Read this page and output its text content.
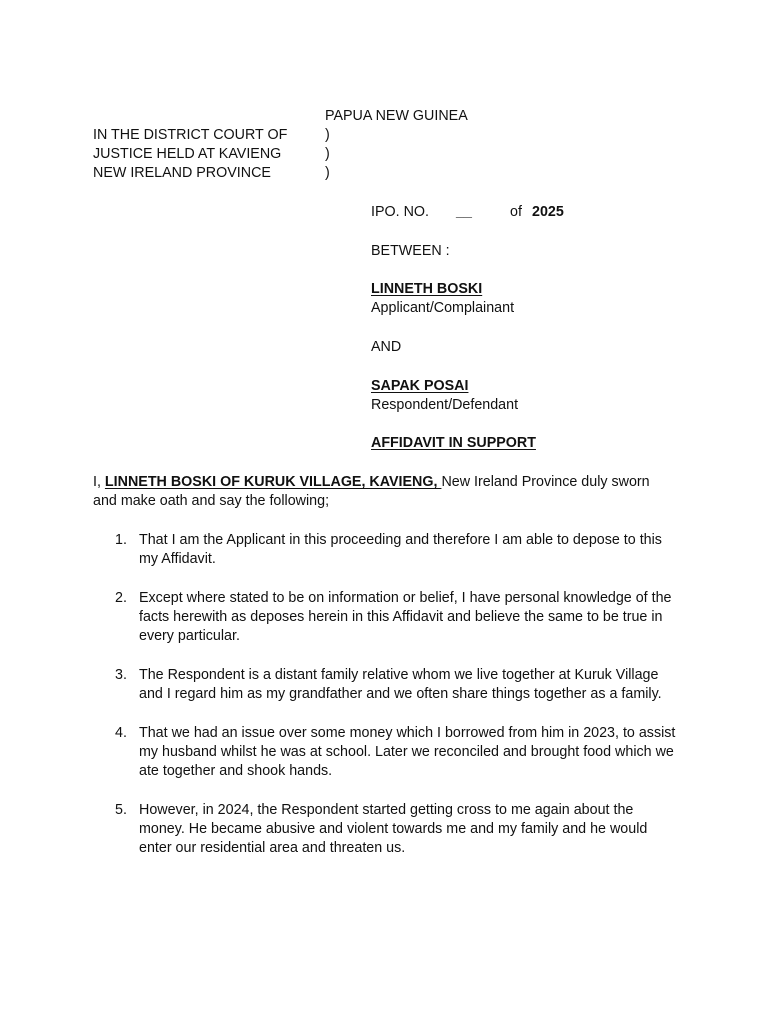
PAPUA NEW GUINEA
IN THE DISTRICT COURT OF
JUSTICE HELD AT KAVIENG
NEW IRELAND PROVINCE
)
)
)
IPO. NO. __	of 2025
BETWEEN :
LINNETH BOSKI
Applicant/Complainant
AND
SAPAK POSAI
Respondent/Defendant
AFFIDAVIT IN SUPPORT
I, LINNETH BOSKI OF KURUK VILLAGE, KAVIENG, New Ireland Province duly sworn and make oath and say the following;
1. That I am the Applicant in this proceeding and therefore I am able to depose to this my Affidavit.
2. Except where stated to be on information or belief, I have personal knowledge of the facts herewith as deposes herein in this Affidavit and believe the same to be true in every particular.
3. The Respondent is a distant family relative whom we live together at Kuruk Village and I regard him as my grandfather and we often share things together as a family.
4. That we had an issue over some money which I borrowed from him in 2023, to assist my husband whilst he was at school. Later we reconciled and brought food which we ate together and shook hands.
5. However, in 2024, the Respondent started getting cross to me again about the money. He became abusive and violent towards me and my family and he would enter our residential area and threaten us.
